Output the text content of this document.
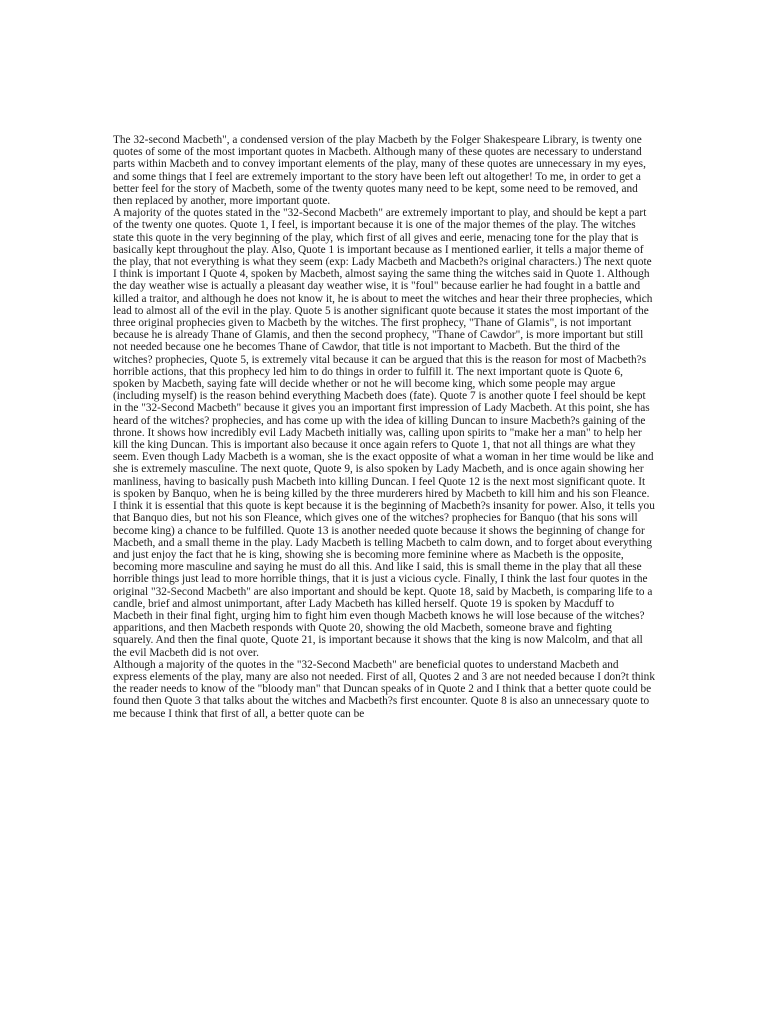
The 32-second Macbeth", a condensed version of the play Macbeth by the Folger Shakespeare Library, is twenty one quotes of some of the most important quotes in Macbeth. Although many of these quotes are necessary to understand parts within Macbeth and to convey important elements of the play, many of these quotes are unnecessary in my eyes, and some things that I feel are extremely important to the story have been left out altogether! To me, in order to get a better feel for the story of Macbeth, some of the twenty quotes many need to be kept, some need to be removed, and then replaced by another, more important quote.

A majority of the quotes stated in the "32-Second Macbeth" are extremely important to play, and should be kept a part of the twenty one quotes. Quote 1, I feel, is important because it is one of the major themes of the play. The witches state this quote in the very beginning of the play, which first of all gives and eerie, menacing tone for the play that is basically kept throughout the play. Also, Quote 1 is important because as I mentioned earlier, it tells a major theme of the play, that not everything is what they seem (exp: Lady Macbeth and Macbeth?s original characters.) The next quote I think is important I Quote 4, spoken by Macbeth, almost saying the same thing the witches said in Quote 1. Although the day weather wise is actually a pleasant day weather wise, it is "foul" because earlier he had fought in a battle and killed a traitor, and although he does not know it, he is about to meet the witches and hear their three prophecies, which lead to almost all of the evil in the play. Quote 5 is another significant quote because it states the most important of the three original prophecies given to Macbeth by the witches. The first prophecy, "Thane of Glamis", is not important because he is already Thane of Glamis, and then the second prophecy, "Thane of Cawdor", is more important but still not needed because one he becomes Thane of Cawdor, that title is not important to Macbeth. But the third of the witches? prophecies, Quote 5, is extremely vital because it can be argued that this is the reason for most of Macbeth?s horrible actions, that this prophecy led him to do things in order to fulfill it. The next important quote is Quote 6, spoken by Macbeth, saying fate will decide whether or not he will become king, which some people may argue (including myself) is the reason behind everything Macbeth does (fate). Quote 7 is another quote I feel should be kept in the "32-Second Macbeth" because it gives you an important first impression of Lady Macbeth. At this point, she has heard of the witches? prophecies, and has come up with the idea of killing Duncan to insure Macbeth?s gaining of the throne. It shows how incredibly evil Lady Macbeth initially was, calling upon spirits to "make her a man" to help her kill the king Duncan. This is important also because it once again refers to Quote 1, that not all things are what they seem. Even though Lady Macbeth is a woman, she is the exact opposite of what a woman in her time would be like and she is extremely masculine. The next quote, Quote 9, is also spoken by Lady Macbeth, and is once again showing her manliness, having to basically push Macbeth into killing Duncan. I feel Quote 12 is the next most significant quote. It is spoken by Banquo, when he is being killed by the three murderers hired by Macbeth to kill him and his son Fleance. I think it is essential that this quote is kept because it is the beginning of Macbeth?s insanity for power. Also, it tells you that Banquo dies, but not his son Fleance, which gives one of the witches? prophecies for Banquo (that his sons will become king) a chance to be fulfilled. Quote 13 is another needed quote because it shows the beginning of change for Macbeth, and a small theme in the play. Lady Macbeth is telling Macbeth to calm down, and to forget about everything and just enjoy the fact that he is king, showing she is becoming more feminine where as Macbeth is the opposite, becoming more masculine and saying he must do all this. And like I said, this is small theme in the play that all these horrible things just lead to more horrible things, that it is just a vicious cycle. Finally, I think the last four quotes in the original "32-Second Macbeth" are also important and should be kept. Quote 18, said by Macbeth, is comparing life to a candle, brief and almost unimportant, after Lady Macbeth has killed herself. Quote 19 is spoken by Macduff to Macbeth in their final fight, urging him to fight him even though Macbeth knows he will lose because of the witches? apparitions, and then Macbeth responds with Quote 20, showing the old Macbeth, someone brave and fighting squarely. And then the final quote, Quote 21, is important because it shows that the king is now Malcolm, and that all the evil Macbeth did is not over.

Although a majority of the quotes in the "32-Second Macbeth" are beneficial quotes to understand Macbeth and express elements of the play, many are also not needed. First of all, Quotes 2 and 3 are not needed because I don?t think the reader needs to know of the "bloody man" that Duncan speaks of in Quote 2 and I think that a better quote could be found then Quote 3 that talks about the witches and Macbeth?s first encounter. Quote 8 is also an unnecessary quote to me because I think that first of all, a better quote can be
